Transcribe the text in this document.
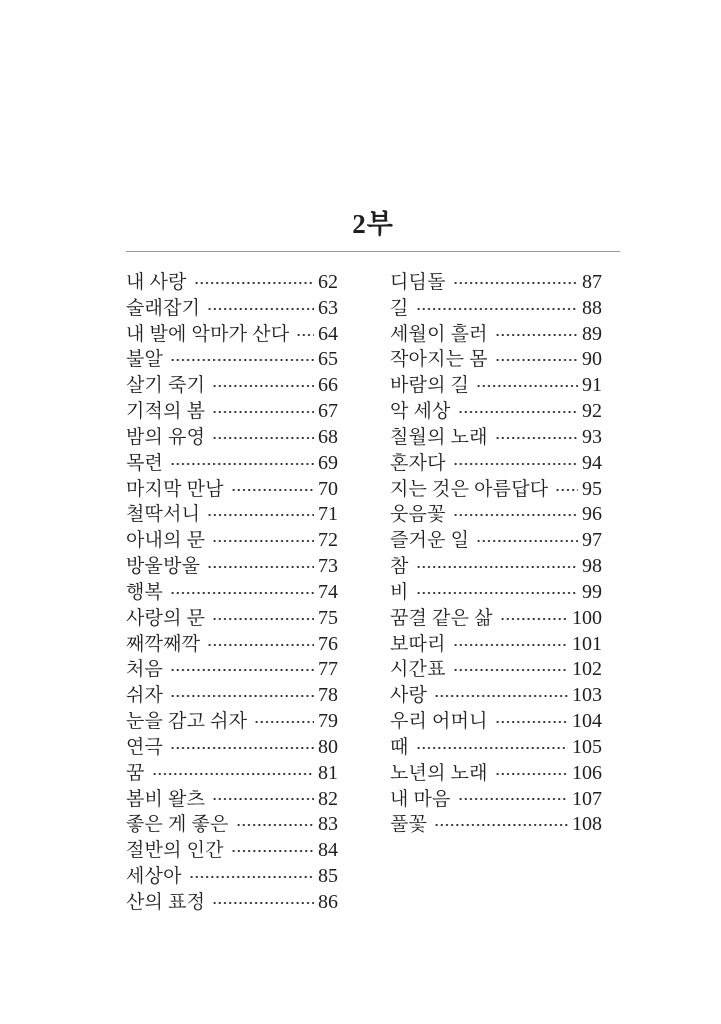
2부
내 사랑	62
술래잡기	63
내 발에 악마가 산다 64
불알	65
살기 죽기	66
기적의 봄	67
밤의 유영	68
목련	69
마지막 만남	70
철딱서니	71
아내의 문	72
방울방울	73
행복	74
사랑의 문	75
째깍째깍	76
처음	77
쉬자	78
눈을 감고 쉬자	79
연극	80
꿈	81
봄비 왈츠	82
좋은 게 좋은	83
절반의 인간	84
세상아	85
산의 표정	86
디딤돌	87
길	88
세월이 흘러	89
작아지는 몸	90
바람의 길	91
악 세상	92
칠월의 노래	93
혼자다	94
지는 것은 아름답다 95
웃음꽃	96
즐거운 일	97
참	98
비	99
꿈결 같은 삶	100
보따리	101
시간표	102
사랑	103
우리 어머니	104
때	105
노년의 노래	106
내 마음	107
풀꽃	108
